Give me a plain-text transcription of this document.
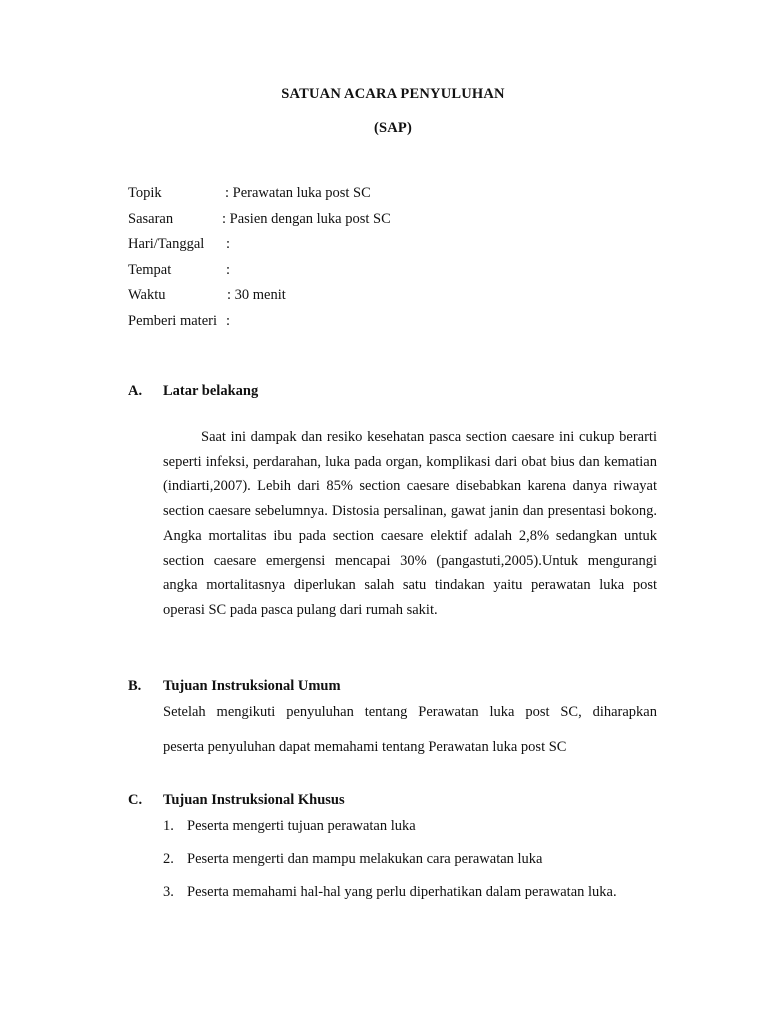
SATUAN ACARA PENYULUHAN
(SAP)
Topik	: Perawatan luka post SC
Sasaran	: Pasien dengan luka post SC
Hari/Tanggal :
Tempat	:
Waktu	: 30 menit
Pemberi materi :
A. Latar belakang

Saat ini dampak dan resiko kesehatan pasca section caesare ini cukup berarti seperti infeksi, perdarahan, luka pada organ, komplikasi dari obat bius dan kematian (indiarti,2007). Lebih dari 85% section caesare disebabkan karena danya riwayat section caesare sebelumnya. Distosia persalinan, gawat janin dan presentasi bokong. Angka mortalitas ibu pada section caesare elektif adalah 2,8% sedangkan untuk section caesare emergensi mencapai 30% (pangastuti,2005).Untuk mengurangi angka mortalitasnya diperlukan salah satu tindakan yaitu perawatan luka post operasi SC pada pasca pulang dari rumah sakit.

B. Tujuan Instruksional Umum
Setelah mengikuti penyuluhan tentang Perawatan luka post SC, diharapkan
peserta penyuluhan dapat memahami tentang Perawatan luka post SC
C. Tujuan Instruksional Khusus
1. Peserta mengerti tujuan perawatan luka
2. Peserta mengerti dan mampu melakukan cara perawatan luka
3. Peserta memahami hal-hal yang perlu diperhatikan dalam perawatan luka.
